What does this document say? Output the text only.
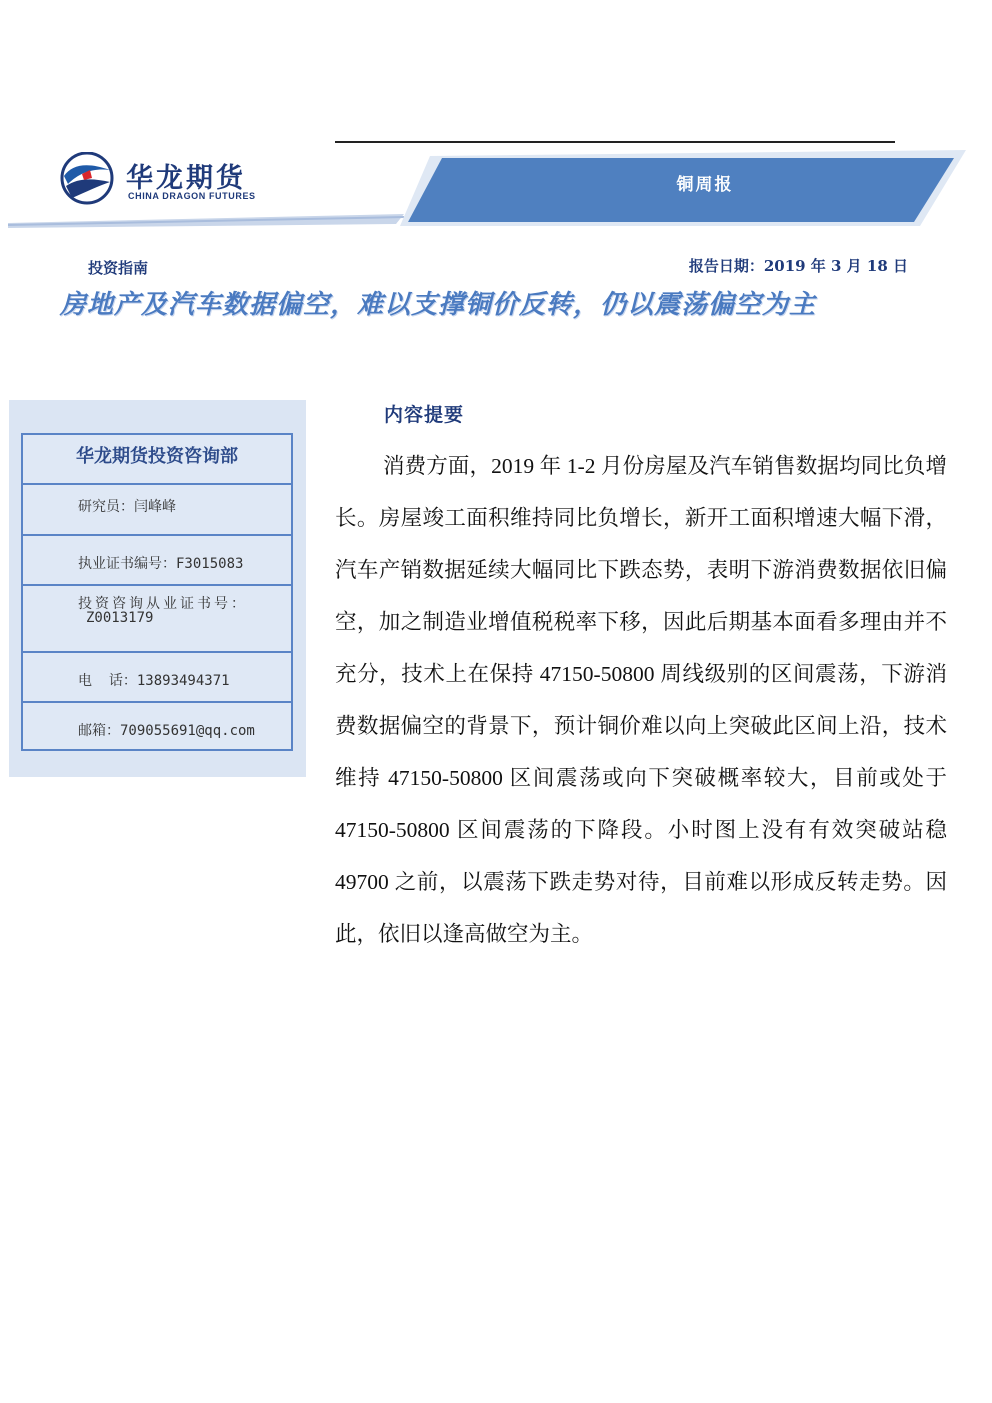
华龙期货
CHINA DRAGON FUTURES
铜周报
投资指南	报告日期：2019 年 3 月 18 日
房地产及汽车数据偏空，难以支撑铜价反转，仍以震荡偏空为主
华龙期货投资咨询部
研究员：闫峰峰
执业证书编号：F3015083
投资咨询从业证书号：
Z0013179
电  话：13893494371
邮箱：709055691@qq.com
内容提要

消费方面，2019 年 1-2 月份房屋及汽车销售数据均同比负增长。房屋竣工面积维持同比负增长，新开工面积增速大幅下滑，汽车产销数据延续大幅同比下跌态势，表明下游消费数据依旧偏空，加之制造业增值税税率下移，因此后期基本面看多理由并不充分，技术上在保持 47150-50800 周线级别的区间震荡，下游消费数据偏空的背景下，预计铜价难以向上突破此区间上沿，技术维持 47150-50800 区间震荡或向下突破概率较大，目前或处于 47150-50800 区间震荡的下降段。小时图上没有有效突破站稳 49700 之前，以震荡下跌走势对待，目前难以形成反转走势。因此，依旧以逢高做空为主。
